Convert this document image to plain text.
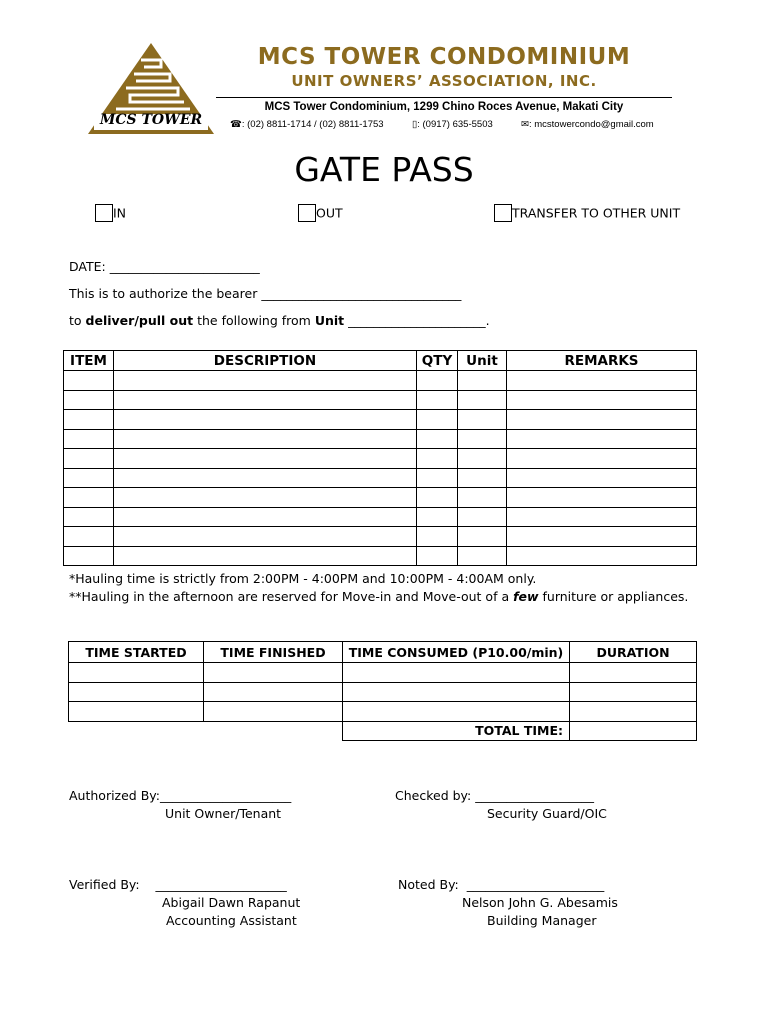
MCS TOWER
MCS TOWER CONDOMINIUM
UNIT OWNERS’ ASSOCIATION, INC.
MCS Tower Condominium, 1299 Chino Roces Avenue, Makati City
☎: (02) 8811-1714 / (02) 8811-1753	▯: (0917) 635-5503	✉: mcstowercondo@gmail.com
GATE PASS
IN	OUT	TRANSFER TO OTHER UNIT
DATE: ________________________
This is to authorize the bearer ________________________________
to deliver/pull out the following from Unit ______________________.
ITEM	DESCRIPTION	QTY	Unit	REMARKS

*Hauling time is strictly from 2:00PM - 4:00PM and 10:00PM - 4:00AM only.
**Hauling in the afternoon are reserved for Move-in and Move-out of a few furniture or appliances.
TIME STARTED	TIME FINISHED	TIME CONSUMED (P10.00/min)	DURATION

		TOTAL TIME:	
Authorized By:_____________________
Unit Owner/Tenant
Checked by: ___________________
Security Guard/OIC
Verified By:    _____________________
Abigail Dawn Rapanut
Accounting Assistant
Noted By:  ______________________
Nelson John G. Abesamis
Building Manager
